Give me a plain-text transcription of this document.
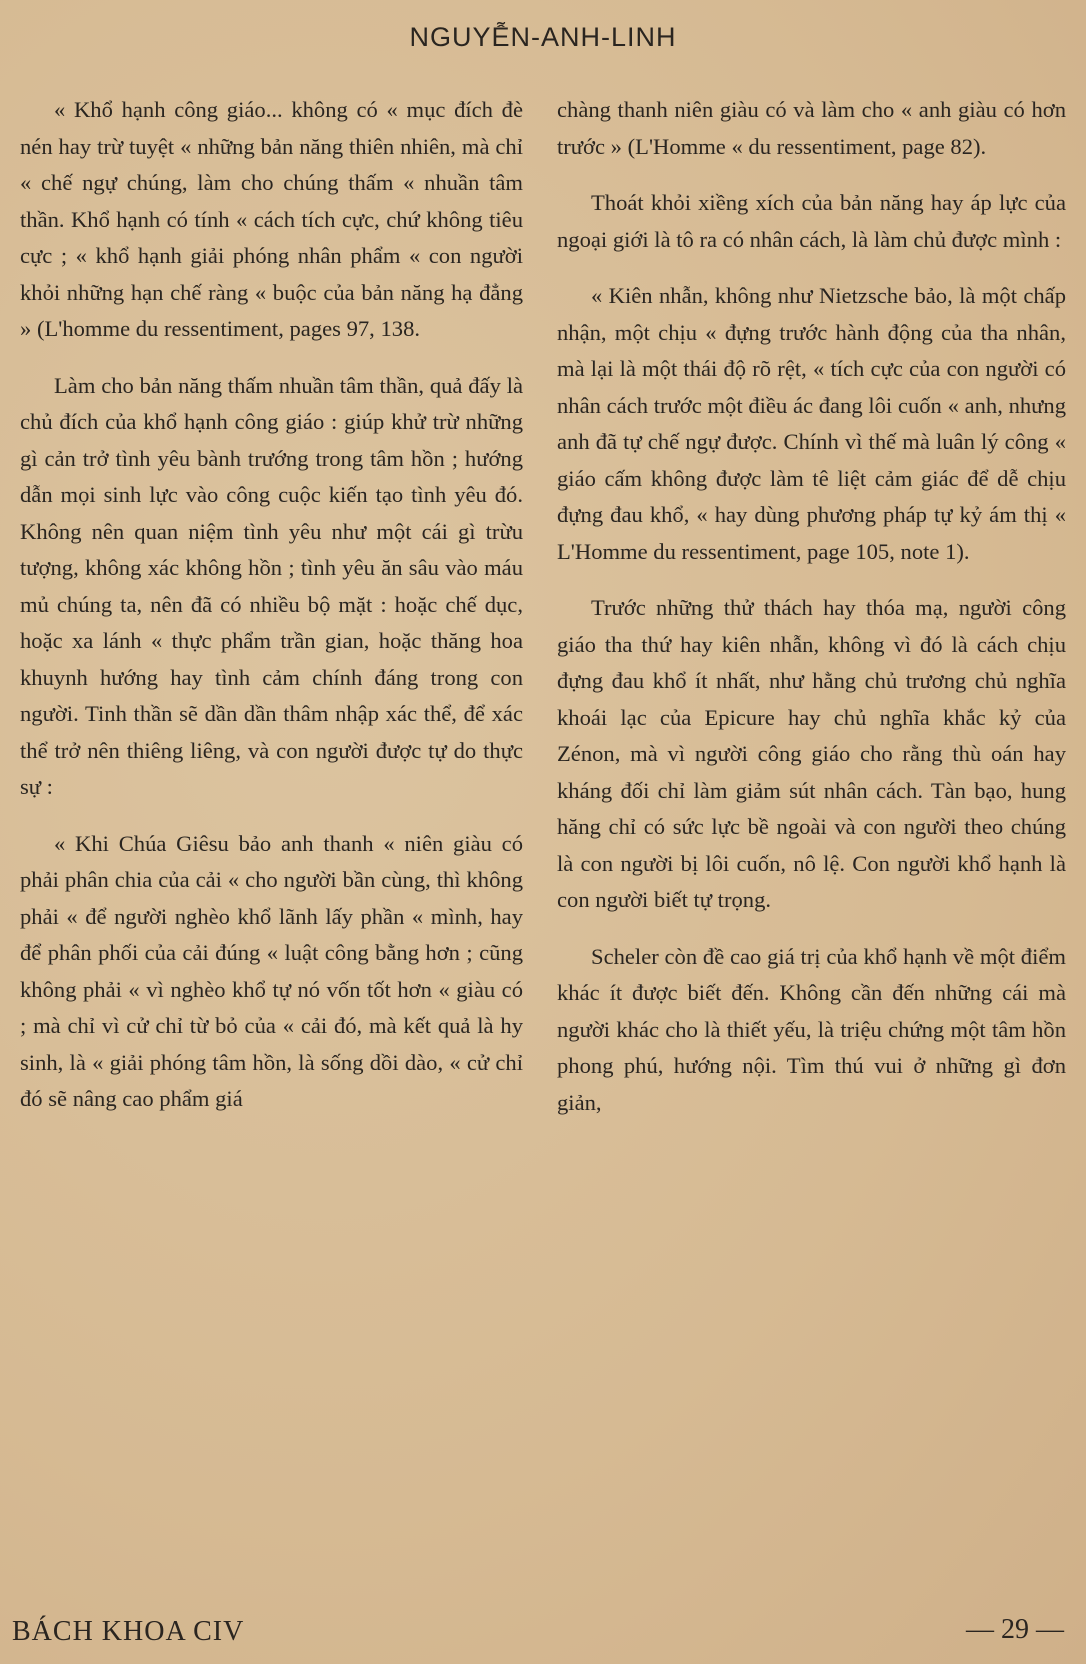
NGUYỄN-ANH-LINH

« Khổ hạnh công giáo... không có « mục đích đè nén hay trừ tuyệt « những bản năng thiên nhiên, mà chỉ « chế ngự chúng, làm cho chúng thấm « nhuần tâm thần. Khổ hạnh có tính « cách tích cực, chứ không tiêu cực ; « khổ hạnh giải phóng nhân phẩm « con người khỏi những hạn chế ràng « buộc của bản năng hạ đẳng » (L'homme du ressentiment, pages 97, 138.

Làm cho bản năng thấm nhuần tâm thần, quả đấy là chủ đích của khổ hạnh công giáo : giúp khử trừ những gì cản trở tình yêu bành trướng trong tâm hồn ; hướng dẫn mọi sinh lực vào công cuộc kiến tạo tình yêu đó. Không nên quan niệm tình yêu như một cái gì trừu tượng, không xác không hồn ; tình yêu ăn sâu vào máu mủ chúng ta, nên đã có nhiều bộ mặt : hoặc chế dục, hoặc xa lánh « thực phẩm trần gian, hoặc thăng hoa khuynh hướng hay tình cảm chính đáng trong con người. Tinh thần sẽ dần dần thâm nhập xác thể, để xác thể trở nên thiêng liêng, và con người được tự do thực sự :

« Khi Chúa Giêsu bảo anh thanh « niên giàu có phải phân chia của cải « cho người bần cùng, thì không phải « để người nghèo khổ lãnh lấy phần « mình, hay để phân phối của cải đúng « luật công bằng hơn ; cũng không phải « vì nghèo khổ tự nó vốn tốt hơn « giàu có ; mà chỉ vì cử chỉ từ bỏ của « cải đó, mà kết quả là hy sinh, là « giải phóng tâm hồn, là sống dồi dào, « cử chỉ đó sẽ nâng cao phẩm giá

chàng thanh niên giàu có và làm cho « anh giàu có hơn trước » (L'Homme « du ressentiment, page 82).

Thoát khỏi xiềng xích của bản năng hay áp lực của ngoại giới là tô ra có nhân cách, là làm chủ được mình :

« Kiên nhẫn, không như Nietzsche bảo, là một chấp nhận, một chịu « đựng trước hành động của tha nhân, mà lại là một thái độ rõ rệt, « tích cực của con người có nhân cách trước một điều ác đang lôi cuốn « anh, nhưng anh đã tự chế ngự được. Chính vì thế mà luân lý công « giáo cấm không được làm tê liệt cảm giác để dễ chịu đựng đau khổ, « hay dùng phương pháp tự kỷ ám thị « L'Homme du ressentiment, page 105, note 1).

Trước những thử thách hay thóa mạ, người công giáo tha thứ hay kiên nhẫn, không vì đó là cách chịu đựng đau khổ ít nhất, như hằng chủ trương chủ nghĩa khoái lạc của Epicure hay chủ nghĩa khắc kỷ của Zénon, mà vì người công giáo cho rằng thù oán hay kháng đối chỉ làm giảm sút nhân cách. Tàn bạo, hung hăng chỉ có sức lực bề ngoài và con người theo chúng là con người bị lôi cuốn, nô lệ. Con người khổ hạnh là con người biết tự trọng.

Scheler còn đề cao giá trị của khổ hạnh về một điểm khác ít được biết đến. Không cần đến những cái mà người khác cho là thiết yếu, là triệu chứng một tâm hồn phong phú, hướng nội. Tìm thú vui ở những gì đơn giản,

BÁCH KHOA CIV	— 29 —
